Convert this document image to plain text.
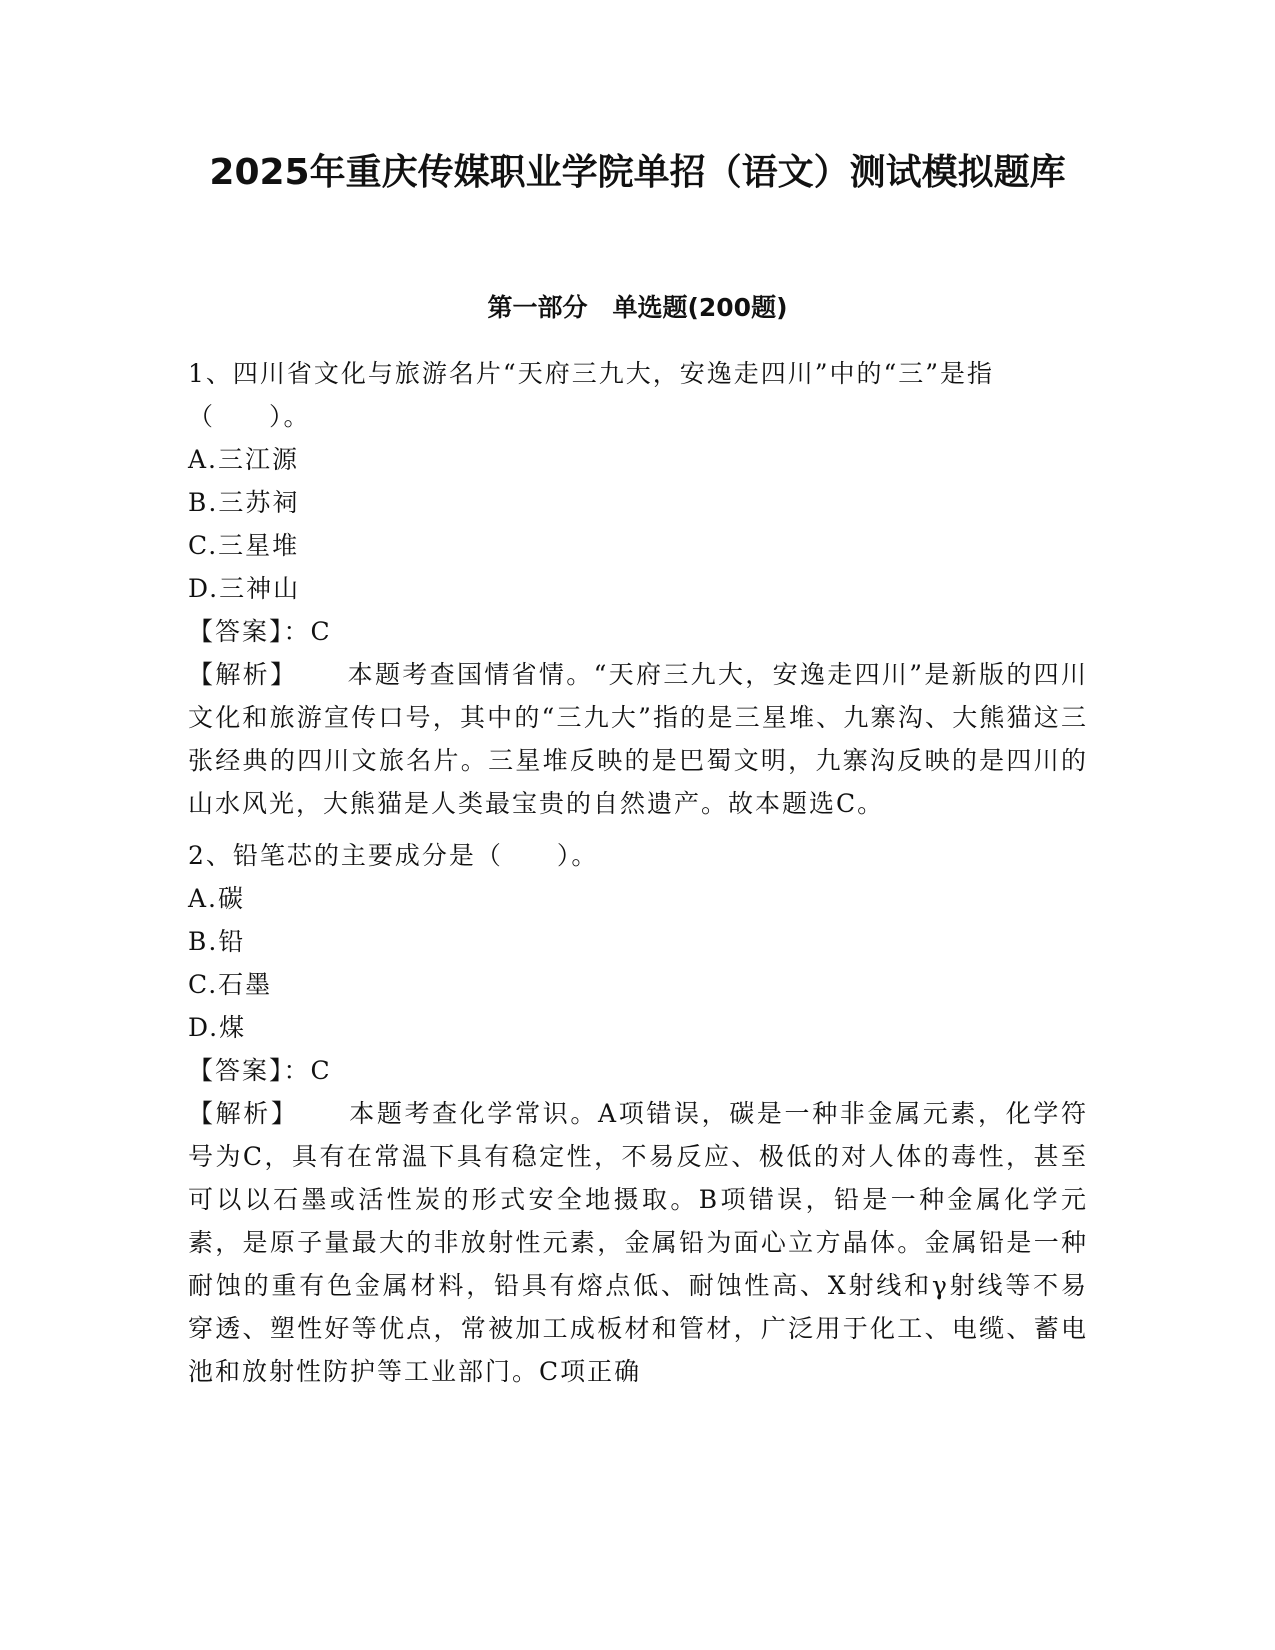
2025年重庆传媒职业学院单招（语文）测试模拟题库
第一部分　单选题(200题)

1、四川省文化与旅游名片“天府三九大，安逸走四川”中的“三”是指（　　）。

A.三江源

B.三苏祠

C.三星堆

D.三神山

【答案】：C

【解析】 本题考查国情省情。“天府三九大，安逸走四川”是新版的四川文化和旅游宣传口号，其中的“三九大”指的是三星堆、九寨沟、大熊猫这三张经典的四川文旅名片。三星堆反映的是巴蜀文明，九寨沟反映的是四川的山水风光，大熊猫是人类最宝贵的自然遗产。故本题选C。

2、铅笔芯的主要成分是（　　）。

A.碳

B.铅

C.石墨

D.煤

【答案】：C

【解析】 本题考查化学常识。A项错误，碳是一种非金属元素，化学符号为C，具有在常温下具有稳定性，不易反应、极低的对人体的毒性，甚至可以以石墨或活性炭的形式安全地摄取。B项错误，铅是一种金属化学元素，是原子量最大的非放射性元素，金属铅为面心立方晶体。金属铅是一种耐蚀的重有色金属材料，铅具有熔点低、耐蚀性高、X射线和γ射线等不易穿透、塑性好等优点，常被加工成板材和管材，广泛用于化工、电缆、蓄电池和放射性防护等工业部门。C项正确
